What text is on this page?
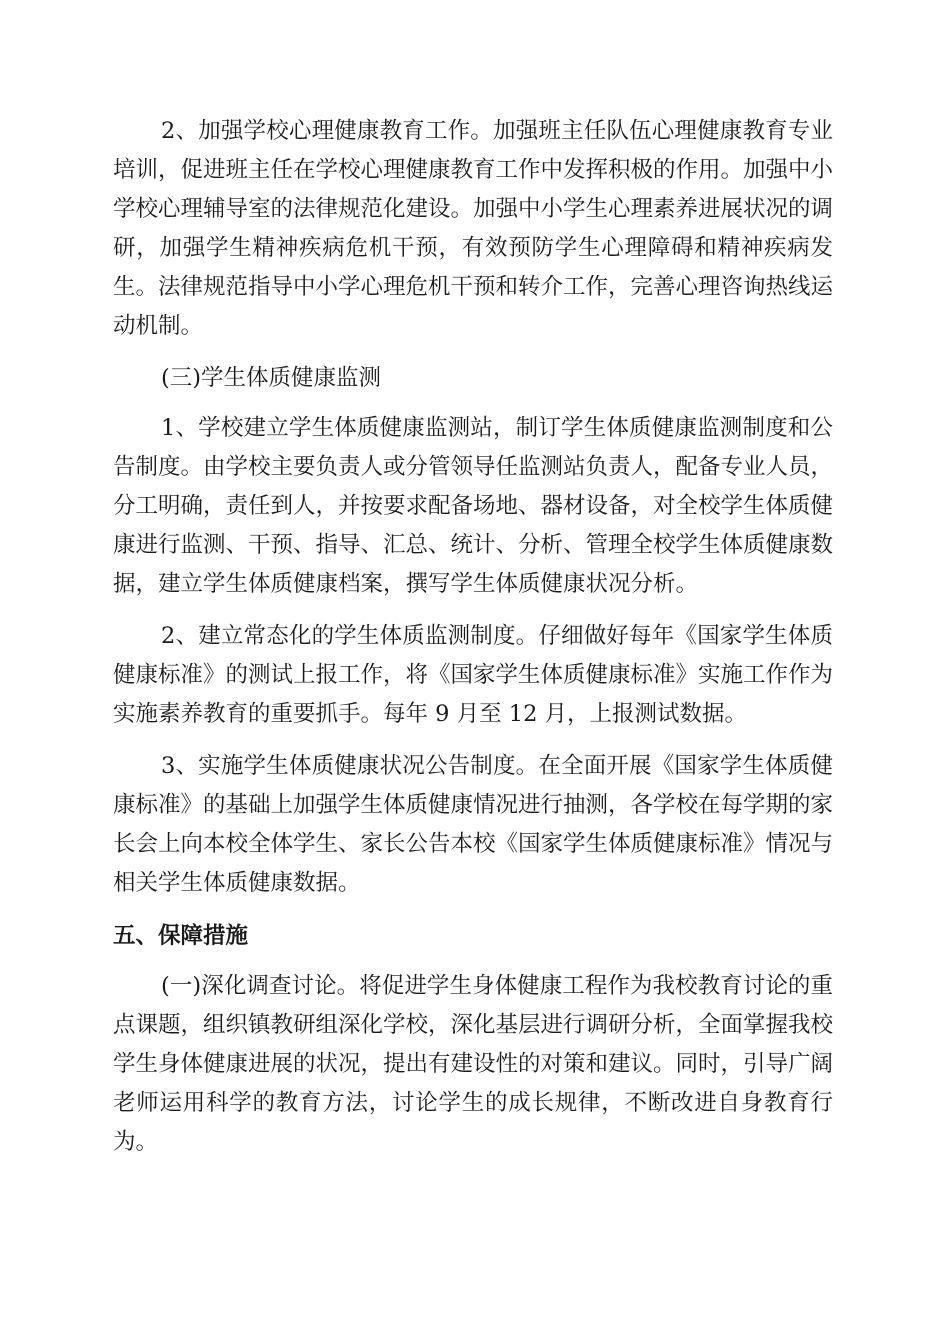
2、加强学校心理健康教育工作。加强班主任队伍心理健康教育专业
培训，促进班主任在学校心理健康教育工作中发挥积极的作用。加强中小
学校心理辅导室的法律规范化建设。加强中小学生心理素养进展状况的调
研，加强学生精神疾病危机干预，有效预防学生心理障碍和精神疾病发
生。法律规范指导中小学心理危机干预和转介工作，完善心理咨询热线运
动机制。
(三)学生体质健康监测
1、学校建立学生体质健康监测站，制订学生体质健康监测制度和公
告制度。由学校主要负责人或分管领导任监测站负责人，配备专业人员，
分工明确，责任到人，并按要求配备场地、器材设备，对全校学生体质健
康进行监测、干预、指导、汇总、统计、分析、管理全校学生体质健康数
据，建立学生体质健康档案，撰写学生体质健康状况分析。
2、建立常态化的学生体质监测制度。仔细做好每年《国家学生体质
健康标准》的测试上报工作，将《国家学生体质健康标准》实施工作作为
实施素养教育的重要抓手。每年 9 月至 12 月，上报测试数据。
3、实施学生体质健康状况公告制度。在全面开展《国家学生体质健
康标准》的基础上加强学生体质健康情况进行抽测，各学校在每学期的家
长会上向本校全体学生、家长公告本校《国家学生体质健康标准》情况与
相关学生体质健康数据。
五、保障措施
(一)深化调查讨论。将促进学生身体健康工程作为我校教育讨论的重
点课题，组织镇教研组深化学校，深化基层进行调研分析，全面掌握我校
学生身体健康进展的状况，提出有建设性的对策和建议。同时，引导广阔
老师运用科学的教育方法，讨论学生的成长规律，不断改进自身教育行
为。
